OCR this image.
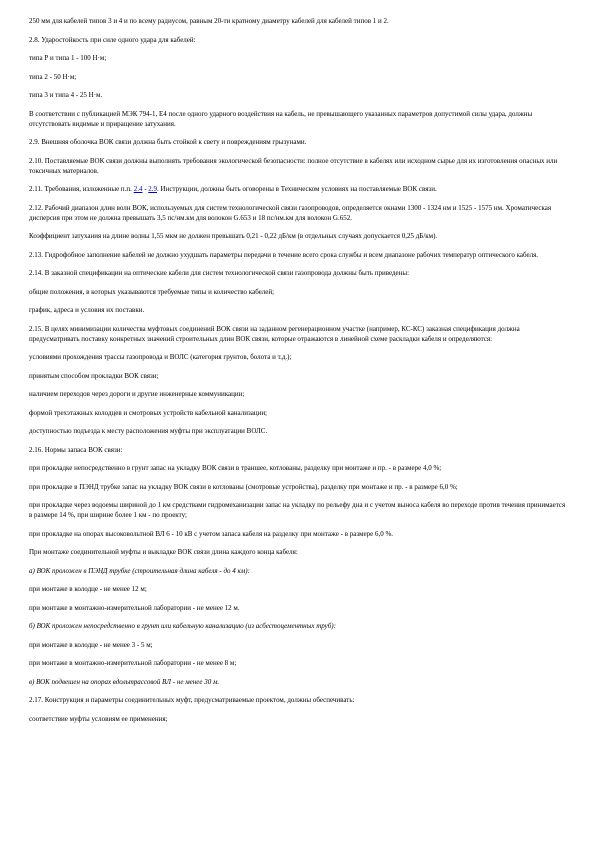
250 мм для кабелей типов 3 и 4 и по всему радиусом, равным 20-ти кратному диаметру кабелей для кабелей типов 1 и 2.

2.8. Ударостойкость при силе одного удара для кабелей:

типа Р и типа 1 - 100 Н·м;

типа 2 - 50 Н·м;

типа 3 и типа 4 - 25 Н·м.

В соответствии с публикацией МЭК 794-1, Е4 после одного ударного воздействия на кабель, не превышающего указанных параметров допустимой силы удара, должны отсутствовать видимые и приращение затухания.

2.9. Внешняя оболочка ВОК связи должна быть стойкой к свету и повреждениям грызунами.

2.10. Поставляемые ВОК связи должны выполнять требования экологической безопасности: полное отсутствие в кабелях или исходном сырье для их изготовления опасных или токсичных материалов.

2.11. Требования, изложенные п.п. 2.4 - 2.9. Инструкции, должны быть оговорены в Техническом условиях на поставляемые ВОК связи.

2.12. Рабочий диапазон длин волн ВОК, используемых для систем технологической связи газопроводов, определяется окнами 1300 - 1324 нм и 1525 - 1575 нм. Хроматическая дисперсия при этом не должна превышать 3,5 пс/нм.км для волокон G.653 и 18 пс/нм.км для волокон G.652.

Коэффициент затухания на длине волны 1,55 мкм не должен превышать 0,21 - 0,22 дБ/км (в отдельных случаях допускается 0,25 дБ/км).

2.13. Гидрофобное заполнение кабелей не должно ухудшать параметры передачи в течение всего срока службы и всем диапазоне рабочих температур оптического кабеля.

2.14. В заказной спецификации на оптические кабели для систем технологической связи газопровода должны быть приведены:

общие положения, в которых указываются требуемые типы и количество кабелей;

график, адреса и условия их поставки.

2.15. В целях минимизации количества муфтовых соединений ВОК связи на заданном регенерационном участке (например, КС-КС) заказная спецификация должна предусматривать поставку конкретных значений строительных длин ВОК связи, которые отражаются в линейной схеме раскладки кабеля и определяются:

условиями прохождения трассы газопровода и ВОЛС (категория грунтов, болота и т.д.);

принятым способом прокладки ВОК связи;

наличием переходов через дороги и другие инженерные коммуникации;

формой трехэтажных колодцев и смотровых устройств кабельной канализации;

доступностью подъезда к месту расположения муфты при эксплуатации ВОЛС.

2.16. Нормы запаса ВОК связи:

при прокладке непосредственно в грунт запас на укладку ВОК связи в траншее, котлованы, разделку при монтаже и пр. - в размере 4,0 %;

при прокладке в ПЭНД трубке запас на укладку ВОК связи в котлованы (смотровые устройства), разделку при монтаже и пр. - в размере 6,0 %;

при прокладке через водоемы шириной до 1 км средствами гидромеханизации запас на укладку по рельефу дна и с учетом выноса кабеля во переходе против течения принимается в размере 14 %, при ширине более 1 км - по проекту;

при прокладке на опорах высоковольтной ВЛ 6 - 10 кВ с учетом запаса кабеля на разделку при монтаже - в размере 6,0 %.

При монтаже соединительной муфты и выкладке ВОК связи длина каждого конца кабеля:

а) ВОК проложен в ПЭНД трубке (строительная длина кабеля - до 4 км):

при монтаже в колодце - не менее 12 м;

при монтаже в монтажно-измерительной лаборатории - не менее 12 м.

б) ВОК проложен непосредственно в грунт или кабельную канализацию (из асбестоцементных труб):

при монтаже в колодце - не менее 3 - 5 м;

при монтаже в монтажно-измерительной лаборатории - не менее 8 м;

в) ВОК подвешен на опорах вдольтрассовой ВЛ - не менее 30 м.

2.17. Конструкция и параметры соединительных муфт, предусматриваемые проектом, должны обеспечивать:

соответствие муфты условиям ее применения;
